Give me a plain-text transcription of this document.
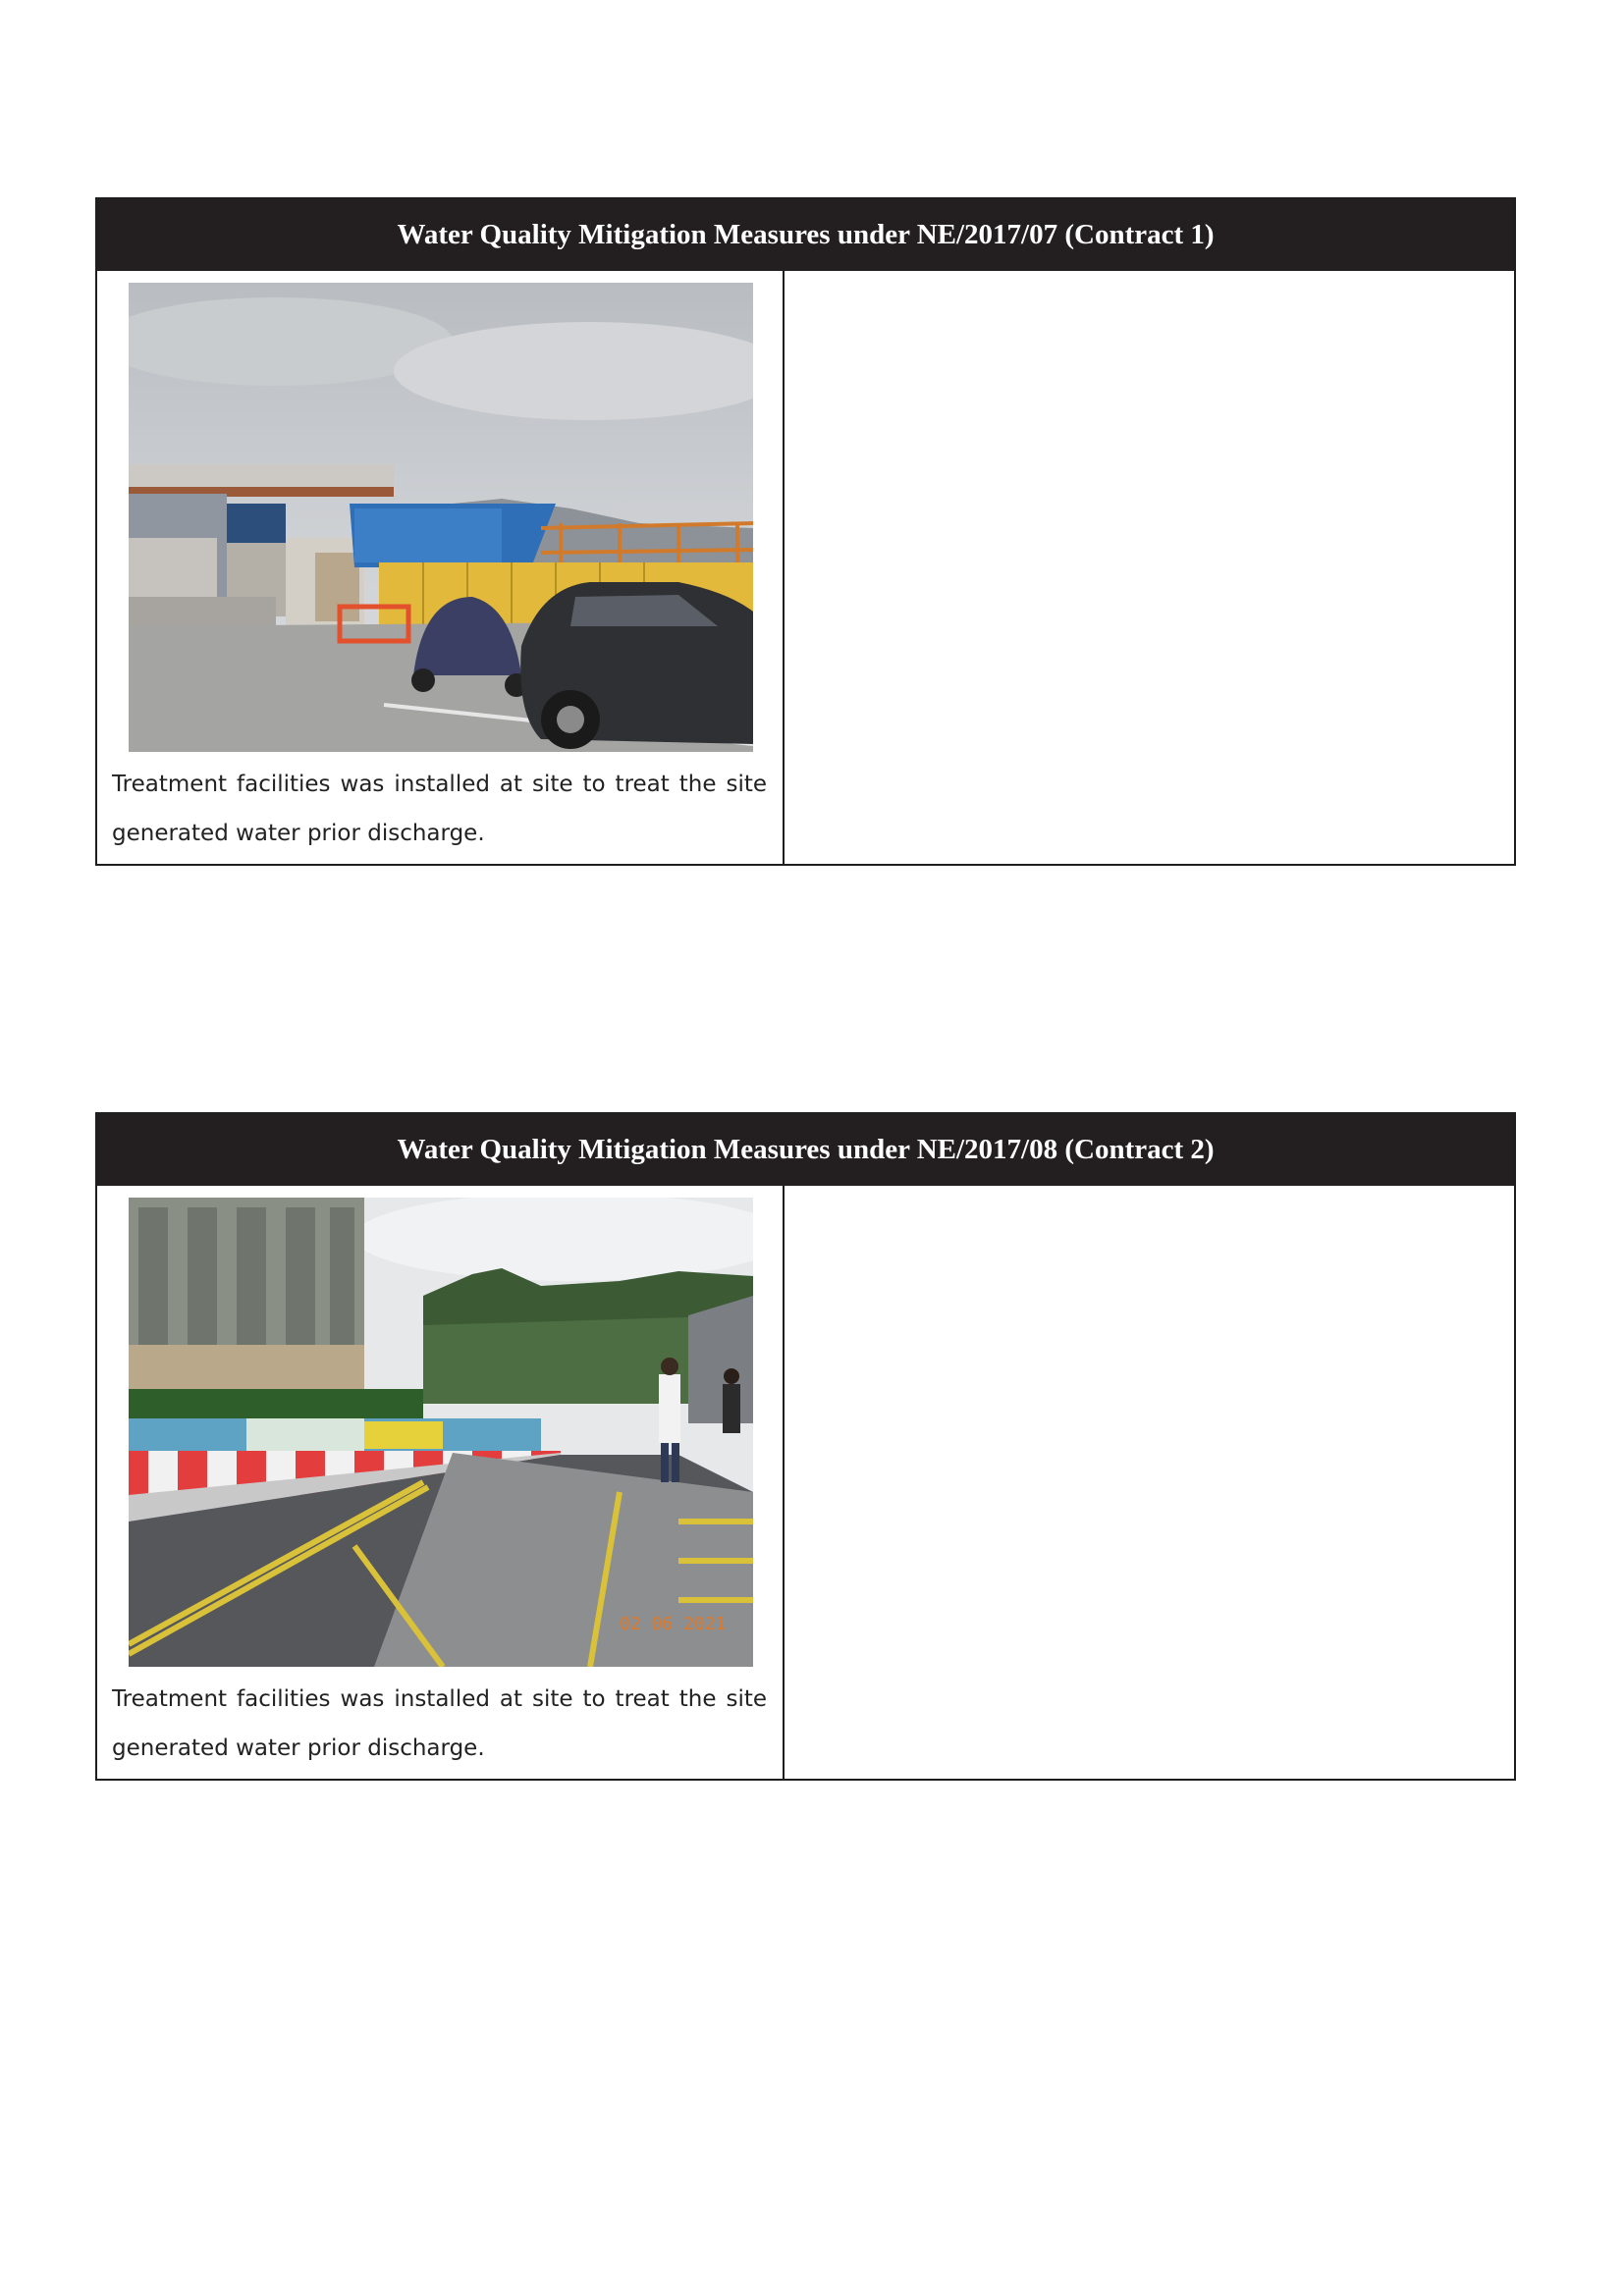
Water Quality Mitigation Measures under NE/2017/07 (Contract 1)
Treatment facilities was installed at site to treat the site generated water prior discharge.
Water Quality Mitigation Measures under NE/2017/08 (Contract 2)
02 06 2021
Treatment facilities was installed at site to treat the site generated water prior discharge.
